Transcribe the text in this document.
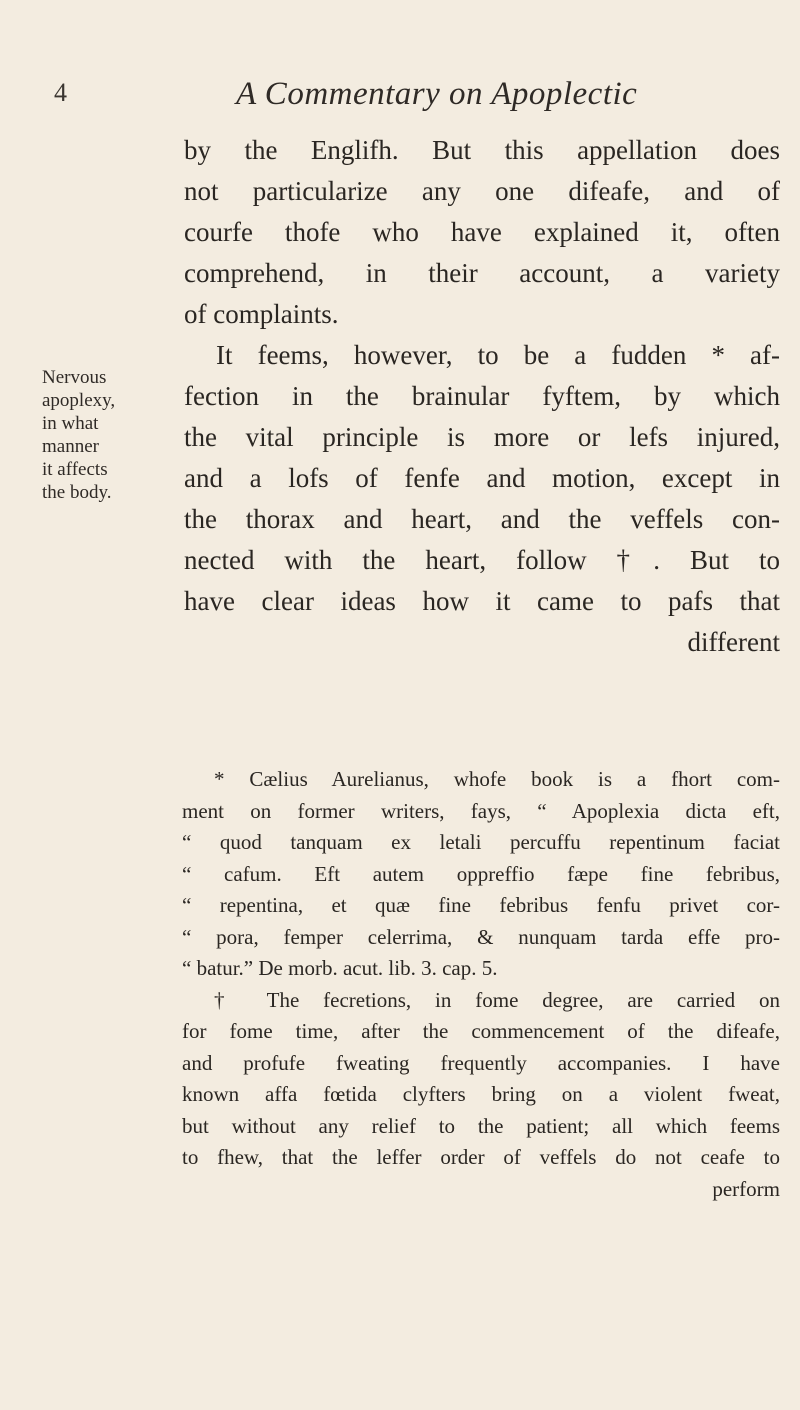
4	A Commentary on Apoplectic
Nervous
apoplexy,
in what
manner
it affects
the body.
by the Englifh. But this appellation does
not particularize any one difeafe, and of
courfe thofe who have explained it, often
comprehend, in their account, a variety
of complaints.
It feems, however, to be a fudden * af-
fection in the brainular fyftem, by which
the vital principle is more or lefs injured,
and a lofs of fenfe and motion, except in
the thorax and heart, and the veffels con-
nected with the heart, follow †. But to
have clear ideas how it came to pafs that
different
* Cælius Aurelianus, whofe book is a fhort com-
ment on former writers, fays, “ Apoplexia dicta eft,
“ quod tanquam ex letali percuffu repentinum faciat
“ cafum. Eft autem oppreffio fæpe fine febribus,
“ repentina, et quæ fine febribus fenfu privet cor-
“ pora, femper celerrima, & nunquam tarda effe pro-
“ batur.” De morb. acut. lib. 3. cap. 5.
† The fecretions, in fome degree, are carried on
for fome time, after the commencement of the difeafe,
and profufe fweating frequently accompanies. I have
known affa fœtida clyfters bring on a violent fweat,
but without any relief to the patient; all which feems
to fhew, that the leffer order of veffels do not ceafe to
perform
